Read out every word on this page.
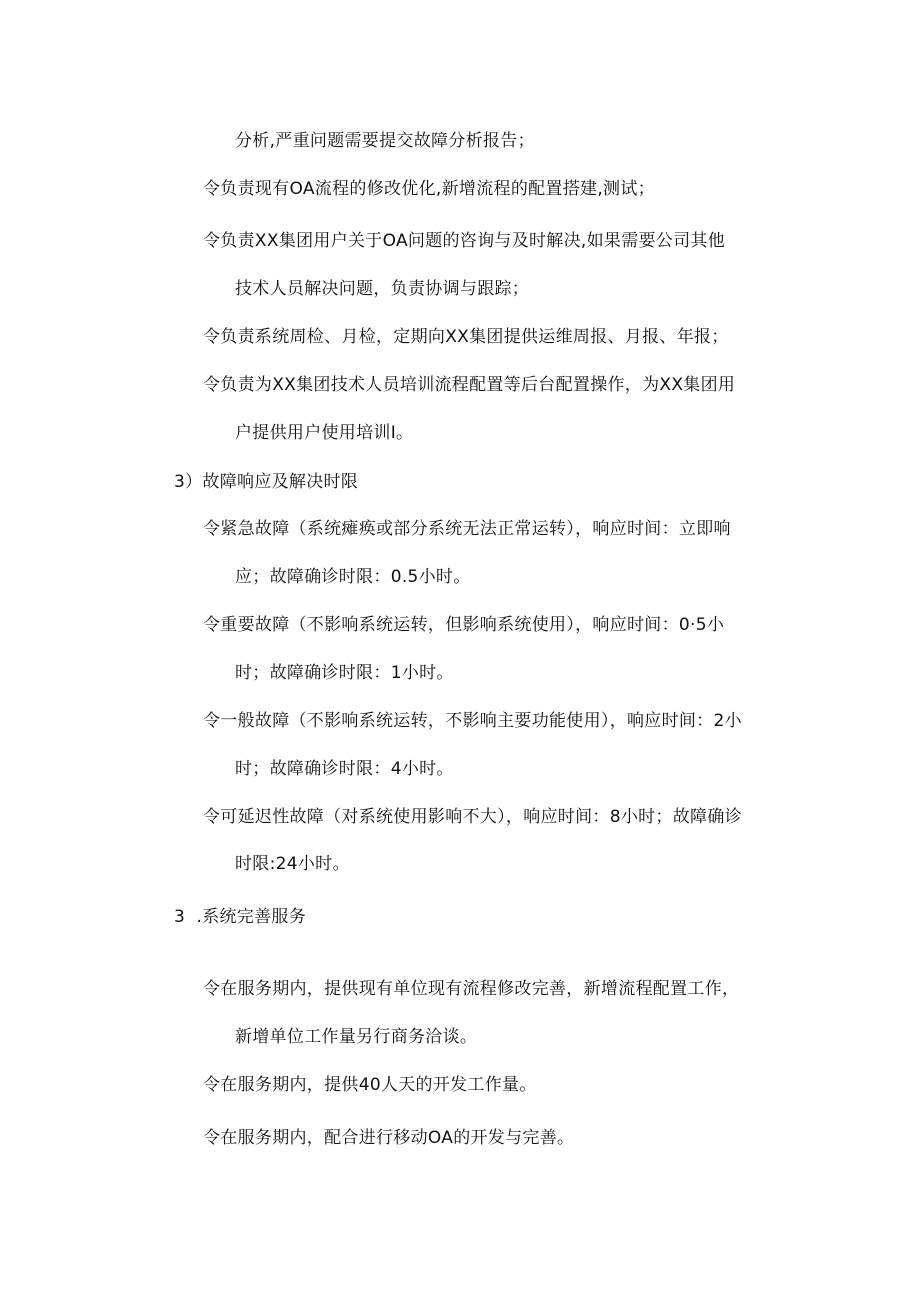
分析,严重问题需要提交故障分析报告；
令负责现有OA流程的修改优化,新增流程的配置搭建,测试；
令负责XX集团用户关于OA问题的咨询与及时解决,如果需要公司其他
技术人员解决问题，负责协调与跟踪；
令负责系统周检、月检，定期向XX集团提供运维周报、月报、年报；
令负责为XX集团技术人员培训流程配置等后台配置操作，为XX集团用
户提供用户使用培训I。
3）故障响应及解决时限
令紧急故障（系统瘫痪或部分系统无法正常运转），响应时间：立即响
应；故障确诊时限：0.5小时。
令重要故障（不影响系统运转，但影响系统使用），响应时间：0·5小
时；故障确诊时限：1小时。
令一般故障（不影响系统运转，不影响主要功能使用），响应时间：2小
时；故障确诊时限：4小时。
令可延迟性故障（对系统使用影响不大），响应时间：8小时；故障确诊
时限:24小时。
3  .系统完善服务
令在服务期内，提供现有单位现有流程修改完善，新增流程配置工作，
新增单位工作量另行商务洽谈。
令在服务期内，提供40人天的开发工作量。
令在服务期内，配合进行移动OA的开发与完善。
